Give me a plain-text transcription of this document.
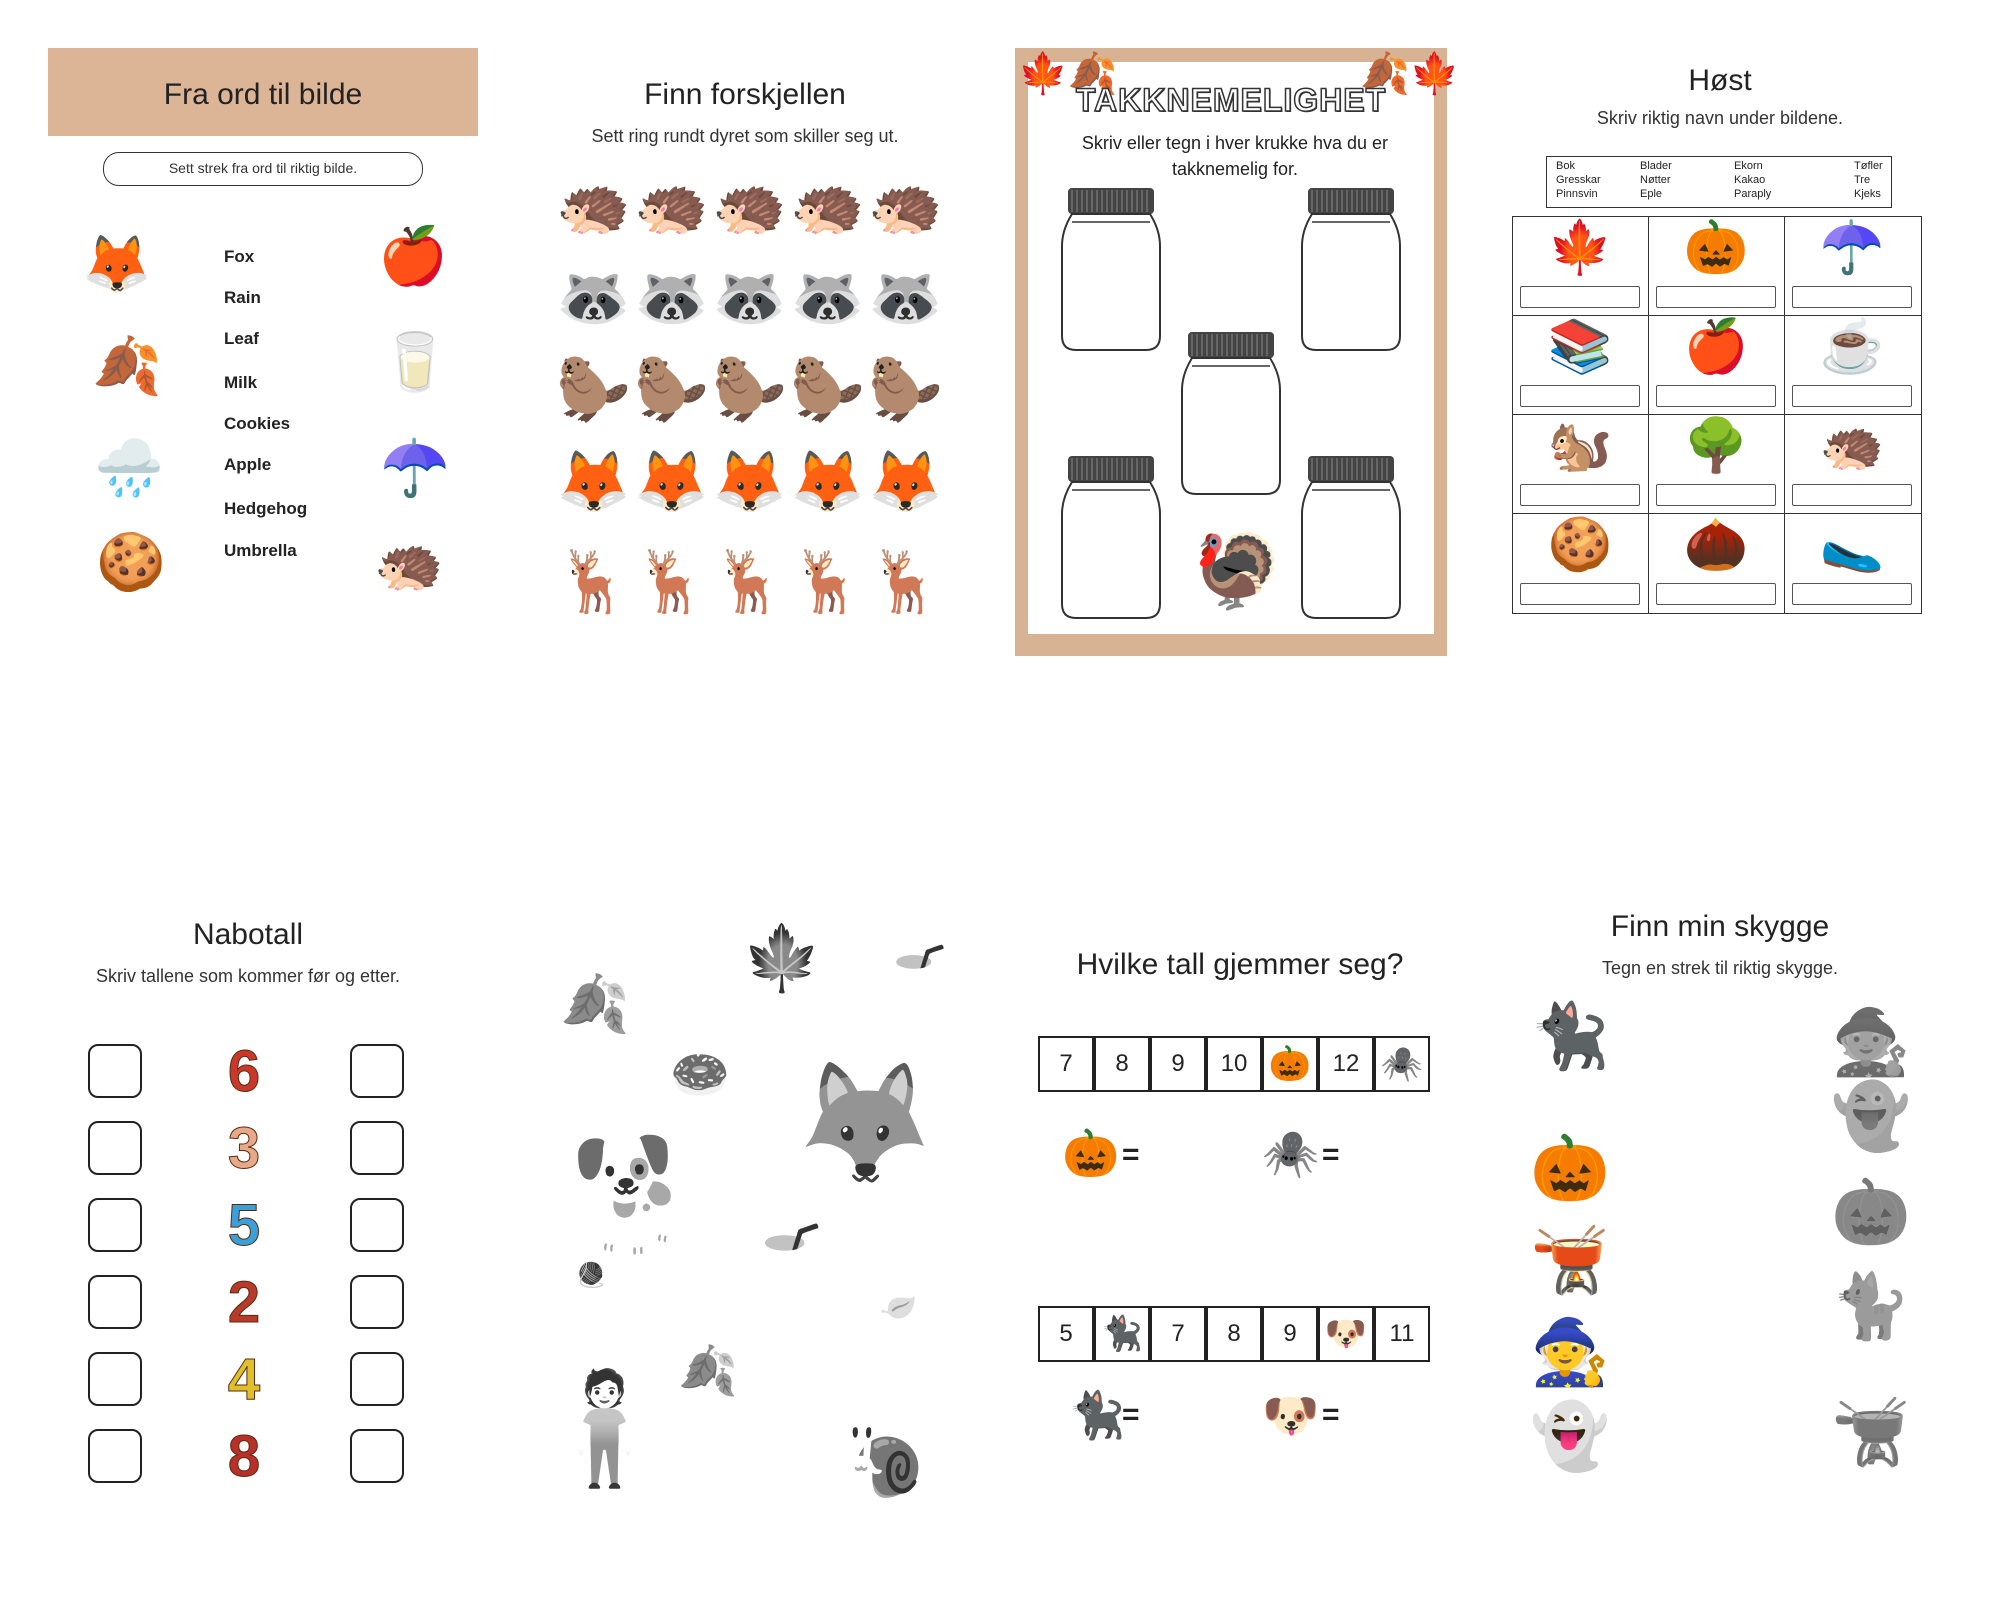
Fra ord til bilde
Sett strek fra ord til riktig bilde.
🦊
🍂
🌧️
🍪
Fox
Rain
Leaf
Milk
Cookies
Apple
Hedgehog
Umbrella
🍎
🥛
☂️
🦔
Finn forskjellen
Sett ring rundt dyret som skiller seg ut.
🦔 🦔 🦔 🦔 🦔
🦝 🦝 🦝 🦝 🦝
🦫 🦫 🦫 🦫 🦫
🦊 🦊 🦊 🦊 🦊
🦌 🦌 🦌 🦌 🦌
🍁🍂	🍂🍁
TAKKNEMELIGHET
Skriv eller tegn i hver krukke hva du er takknemelig for.
🦃
Høst
Skriv riktig navn under bildene.
Bok	Blader	Ekorn	Tøfler
Gresskar	Nøtter	Kakao	Tre
Pinnsvin	Eple	Paraply	Kjeks
🍁	🎃	☂️
📚	🍎	☕
🐿️	🌳	🦔
🍪	🌰	🥿
Nabotall
Skriv tallene som kommer før og etter.
6
3
5
2
4
8
🍂
🍁 🥤
🍩 🦊
🐕
🥤 🍃
🍂
🧶
🧍 🐌
Hvilke tall gjemmer seg?
7	8	9	10 🎃 12 🕷️
5 🐈‍⬛	7	8	9 🐶 11
🎃 =	🕷️ =
🐈‍⬛
=	🐶 =
Finn min skygge
Tegn en strek til riktig skygge.
🐈‍⬛
🎃
🫕
🧙
👻
🧙
👻
🎃
🐈
🫕
